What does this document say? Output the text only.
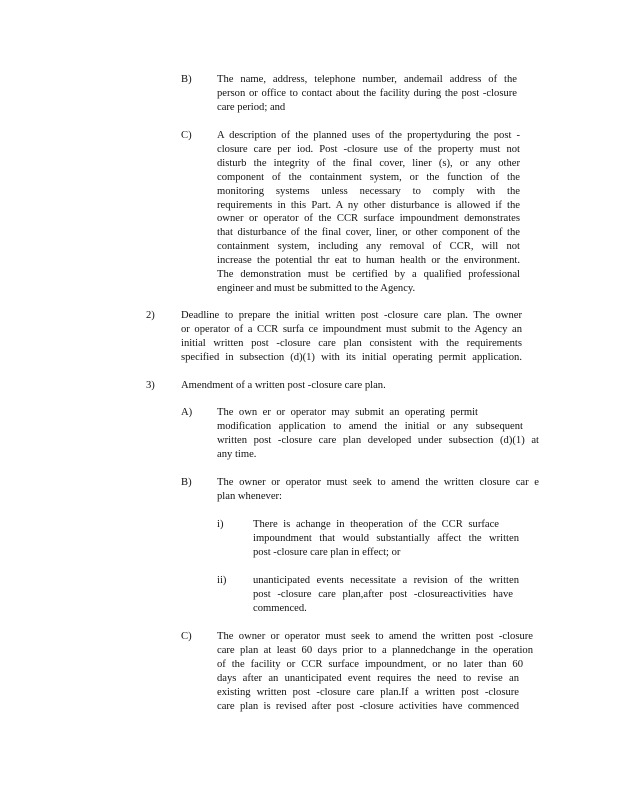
B) The name, address, telephone number, andemail address of the
person or office to contact about the facility during the post -closure
care period; and
C) A description of the planned uses of the propertyduring the post -
closure care per iod. Post -closure use of the property must not
disturb the integrity of the final cover, liner (s), or any other
component of the containment system, or the function of the
monitoring systems unless necessary to comply with the
requirements in this Part. A ny other disturbance is allowed if the
owner or operator of the CCR surface impoundment demonstrates
that disturbance of the final cover, liner, or other component of the
containment system, including any removal of CCR, will not
increase the potential thr eat to human health or the environment.
The demonstration must be certified by a qualified professional
engineer and must be submitted to the Agency.
2) Deadline to prepare the initial written post -closure care plan. The owner
or operator of a CCR surfa ce impoundment must submit to the Agency an
initial written post -closure care plan consistent with the requirements
specified in subsection (d)(1) with its initial operating permit application.
3) Amendment of a written post -closure care plan.
A) The own er or operator may submit an operating permit
modification application to amend the initial or any subsequent
written post -closure care plan developed under subsection (d)(1) at
any time.
B) The owner or operator must seek to amend the written closure car e
plan whenever:
i)	There is achange in theoperation of the CCR surface
impoundment that would substantially affect the written
post -closure care plan in effect; or
ii)	unanticipated events necessitate a revision of the written
post -closure care plan,after post -closureactivities have
commenced.
C) The owner or operator must seek to amend the written post -closure
care plan at least 60 days prior to a plannedchange in the operation
of the facility or CCR surface impoundment, or no later than 60
days after an unanticipated event requires the need to revise an
existing written post -closure care plan.If a written post -closure
care plan is revised after post -closure activities have commenced
